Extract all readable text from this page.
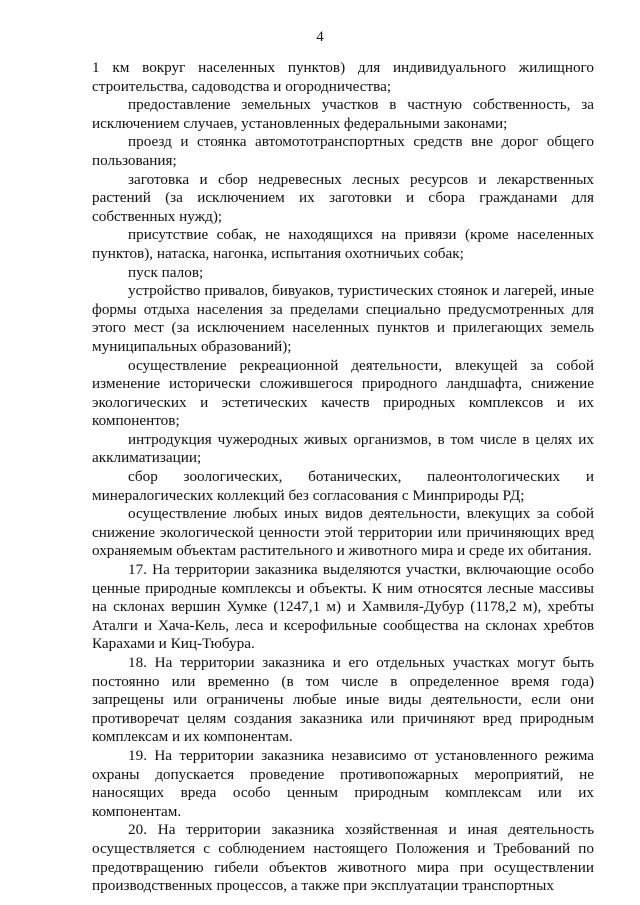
4

1 км вокруг населенных пунктов) для индивидуального жилищного строительства, садоводства и огородничества;

предоставление земельных участков в частную собственность, за исключением случаев, установленных федеральными законами;

проезд и стоянка автомототранспортных средств вне дорог общего пользования;

заготовка и сбор недревесных лесных ресурсов и лекарственных растений (за исключением их заготовки и сбора гражданами для собственных нужд);

присутствие собак, не находящихся на привязи (кроме населенных пунктов), натаска, нагонка, испытания охотничьих собак;

пуск палов;

устройство привалов, бивуаков, туристических стоянок и лагерей, иные формы отдыха населения за пределами специально предусмотренных для этого мест (за исключением населенных пунктов и прилегающих земель муниципальных образований);

осуществление рекреационной деятельности, влекущей за собой изменение исторически сложившегося природного ландшафта, снижение экологических и эстетических качеств природных комплексов и их компонентов;

интродукция чужеродных живых организмов, в том числе в целях их акклиматизации;

сбор зоологических, ботанических, палеонтологических и минералогических коллекций без согласования с Минприроды РД;

осуществление любых иных видов деятельности, влекущих за собой снижение экологической ценности этой территории или причиняющих вред охраняемым объектам растительного и животного мира и среде их обитания.

17. На территории заказника выделяются участки, включающие особо ценные природные комплексы и объекты. К ним относятся лесные массивы на склонах вершин Хумке (1247,1 м) и Хамвиля-Дубур (1178,2 м), хребты Аталги и Хача-Кель, леса и ксерофильные сообщества на склонах хребтов Карахами и Киц-Тюбура.

18. На территории заказника и его отдельных участках могут быть постоянно или временно (в том числе в определенное время года) запрещены или ограничены любые иные виды деятельности, если они противоречат целям создания заказника или причиняют вред природным комплексам и их компонентам.

19. На территории заказника независимо от установленного режима охраны допускается проведение противопожарных мероприятий, не наносящих вреда особо ценным природным комплексам или их компонентам.

20. На территории заказника хозяйственная и иная деятельность осуществляется с соблюдением настоящего Положения и Требований по предотвращению гибели объектов животного мира при осуществлении производственных процессов, а также при эксплуатации транспортных
